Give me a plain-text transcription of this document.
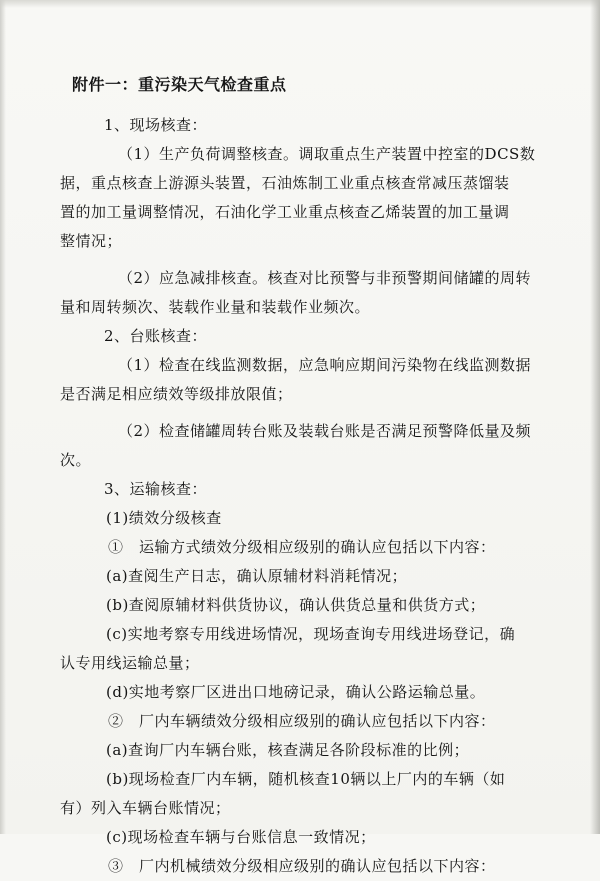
附件一：重污染天气检查重点
1、现场核查：
（1）生产负荷调整核查。调取重点生产装置中控室的DCS数
据，重点核查上游源头装置，石油炼制工业重点核查常减压蒸馏装
置的加工量调整情况，石油化学工业重点核查乙烯装置的加工量调
整情况；
（2）应急减排核查。核查对比预警与非预警期间储罐的周转
量和周转频次、装载作业量和装载作业频次。
2、台账核查：
（1）检查在线监测数据，应急响应期间污染物在线监测数据
是否满足相应绩效等级排放限值；
（2）检查储罐周转台账及装载台账是否满足预警降低量及频
次。
3、运输核查：
(1)绩效分级核查
①　运输方式绩效分级相应级别的确认应包括以下内容：
(a)查阅生产日志，确认原辅材料消耗情况；
(b)查阅原辅材料供货协议，确认供货总量和供货方式；
(c)实地考察专用线进场情况，现场查询专用线进场登记，确
认专用线运输总量；
(d)实地考察厂区进出口地磅记录，确认公路运输总量。
②　厂内车辆绩效分级相应级别的确认应包括以下内容：
(a)查询厂内车辆台账，核查满足各阶段标准的比例；
(b)现场检查厂内车辆，随机核查10辆以上厂内的车辆（如
有）列入车辆台账情况；
(c)现场检查车辆与台账信息一致情况；
③　厂内机械绩效分级相应级别的确认应包括以下内容：
